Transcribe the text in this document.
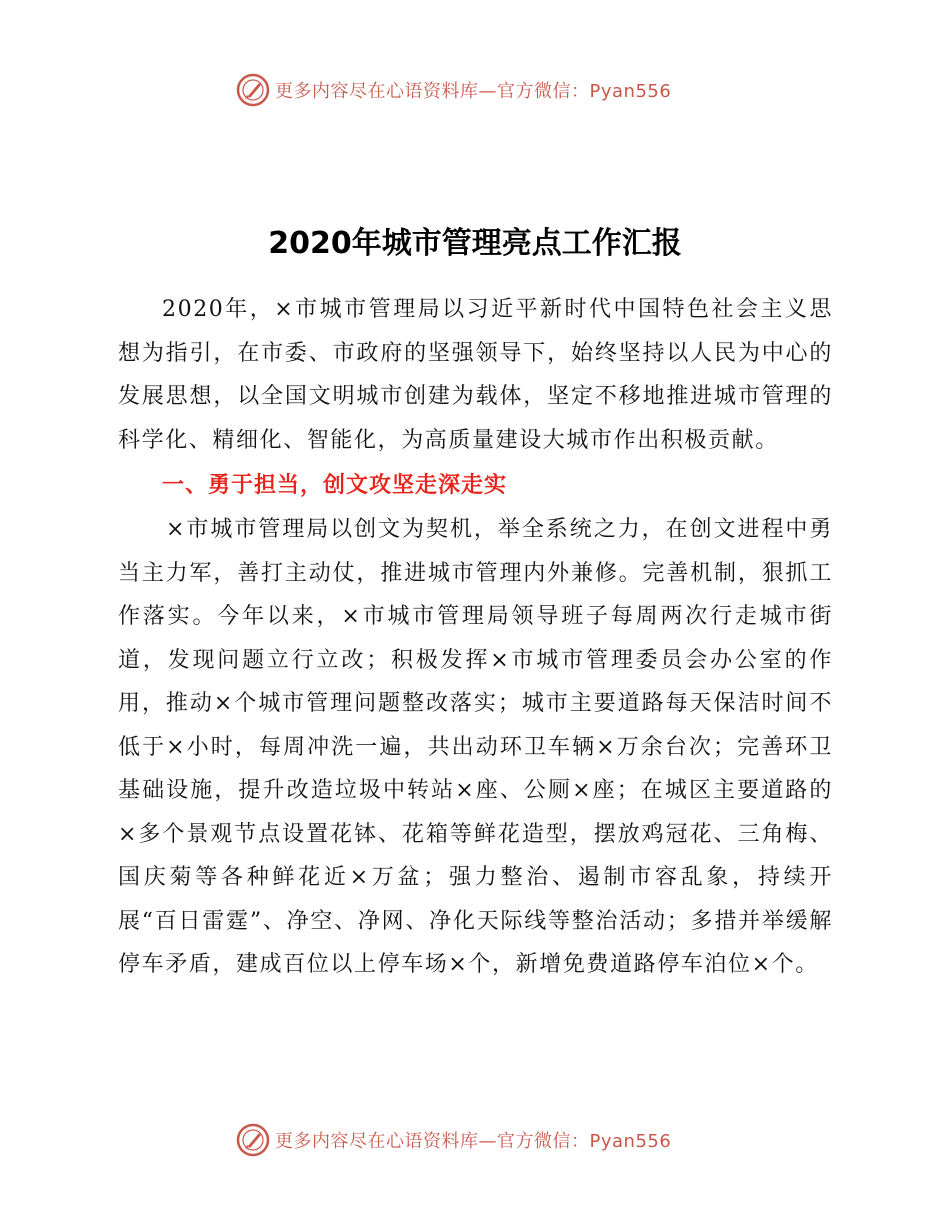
更多内容尽在心语资料库—官方微信：Pyan556
2020年城市管理亮点工作汇报

2020年，×市城市管理局以习近平新时代中国特色社会主义思想为指引，在市委、市政府的坚强领导下，始终坚持以人民为中心的发展思想，以全国文明城市创建为载体，坚定不移地推进城市管理的科学化、精细化、智能化，为高质量建设大城市作出积极贡献。

一、勇于担当，创文攻坚走深走实

×市城市管理局以创文为契机，举全系统之力，在创文进程中勇当主力军，善打主动仗，推进城市管理内外兼修。完善机制，狠抓工作落实。今年以来，×市城市管理局领导班子每周两次行走城市街道，发现问题立行立改；积极发挥×市城市管理委员会办公室的作用，推动×个城市管理问题整改落实；城市主要道路每天保洁时间不低于×小时，每周冲洗一遍，共出动环卫车辆×万余台次；完善环卫基础设施，提升改造垃圾中转站×座、公厕×座；在城区主要道路的×多个景观节点设置花钵、花箱等鲜花造型，摆放鸡冠花、三角梅、国庆菊等各种鲜花近×万盆；强力整治、遏制市容乱象，持续开展“百日雷霆”、净空、净网、净化天际线等整治活动；多措并举缓解停车矛盾，建成百位以上停车场×个，新增免费道路停车泊位×个。

更多内容尽在心语资料库—官方微信：Pyan556
